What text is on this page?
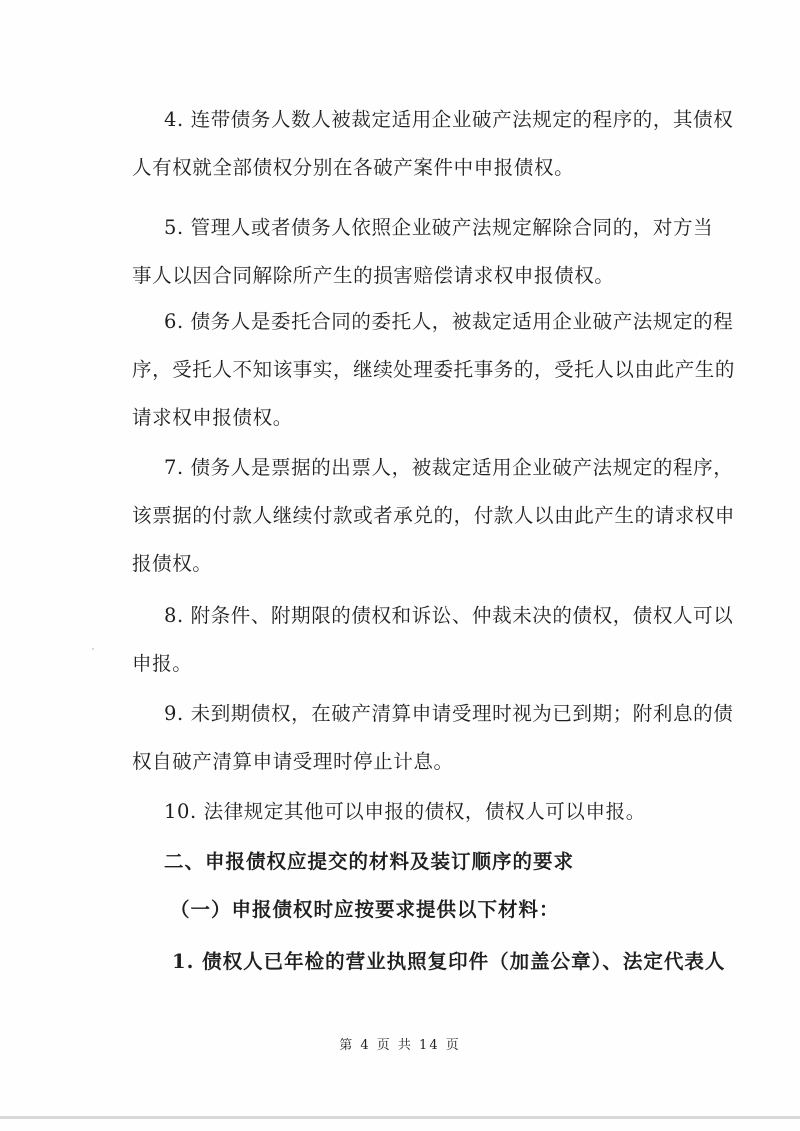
4. 连带债务人数人被裁定适用企业破产法规定的程序的，其债权
人有权就全部债权分别在各破产案件中申报债权。
5. 管理人或者债务人依照企业破产法规定解除合同的，对方当
事人以因合同解除所产生的损害赔偿请求权申报债权。
6. 债务人是委托合同的委托人，被裁定适用企业破产法规定的程
序，受托人不知该事实，继续处理委托事务的，受托人以由此产生的
请求权申报债权。
7. 债务人是票据的出票人，被裁定适用企业破产法规定的程序，
该票据的付款人继续付款或者承兑的，付款人以由此产生的请求权申
报债权。
8. 附条件、附期限的债权和诉讼、仲裁未决的债权，债权人可以
申报。
9. 未到期债权，在破产清算申请受理时视为已到期；附利息的债
权自破产清算申请受理时停止计息。
10. 法律规定其他可以申报的债权，债权人可以申报。
二、申报债权应提交的材料及装订顺序的要求
（一）申报债权时应按要求提供以下材料：
1. 债权人已年检的营业执照复印件（加盖公章）、法定代表人
第 4 页 共 14 页
